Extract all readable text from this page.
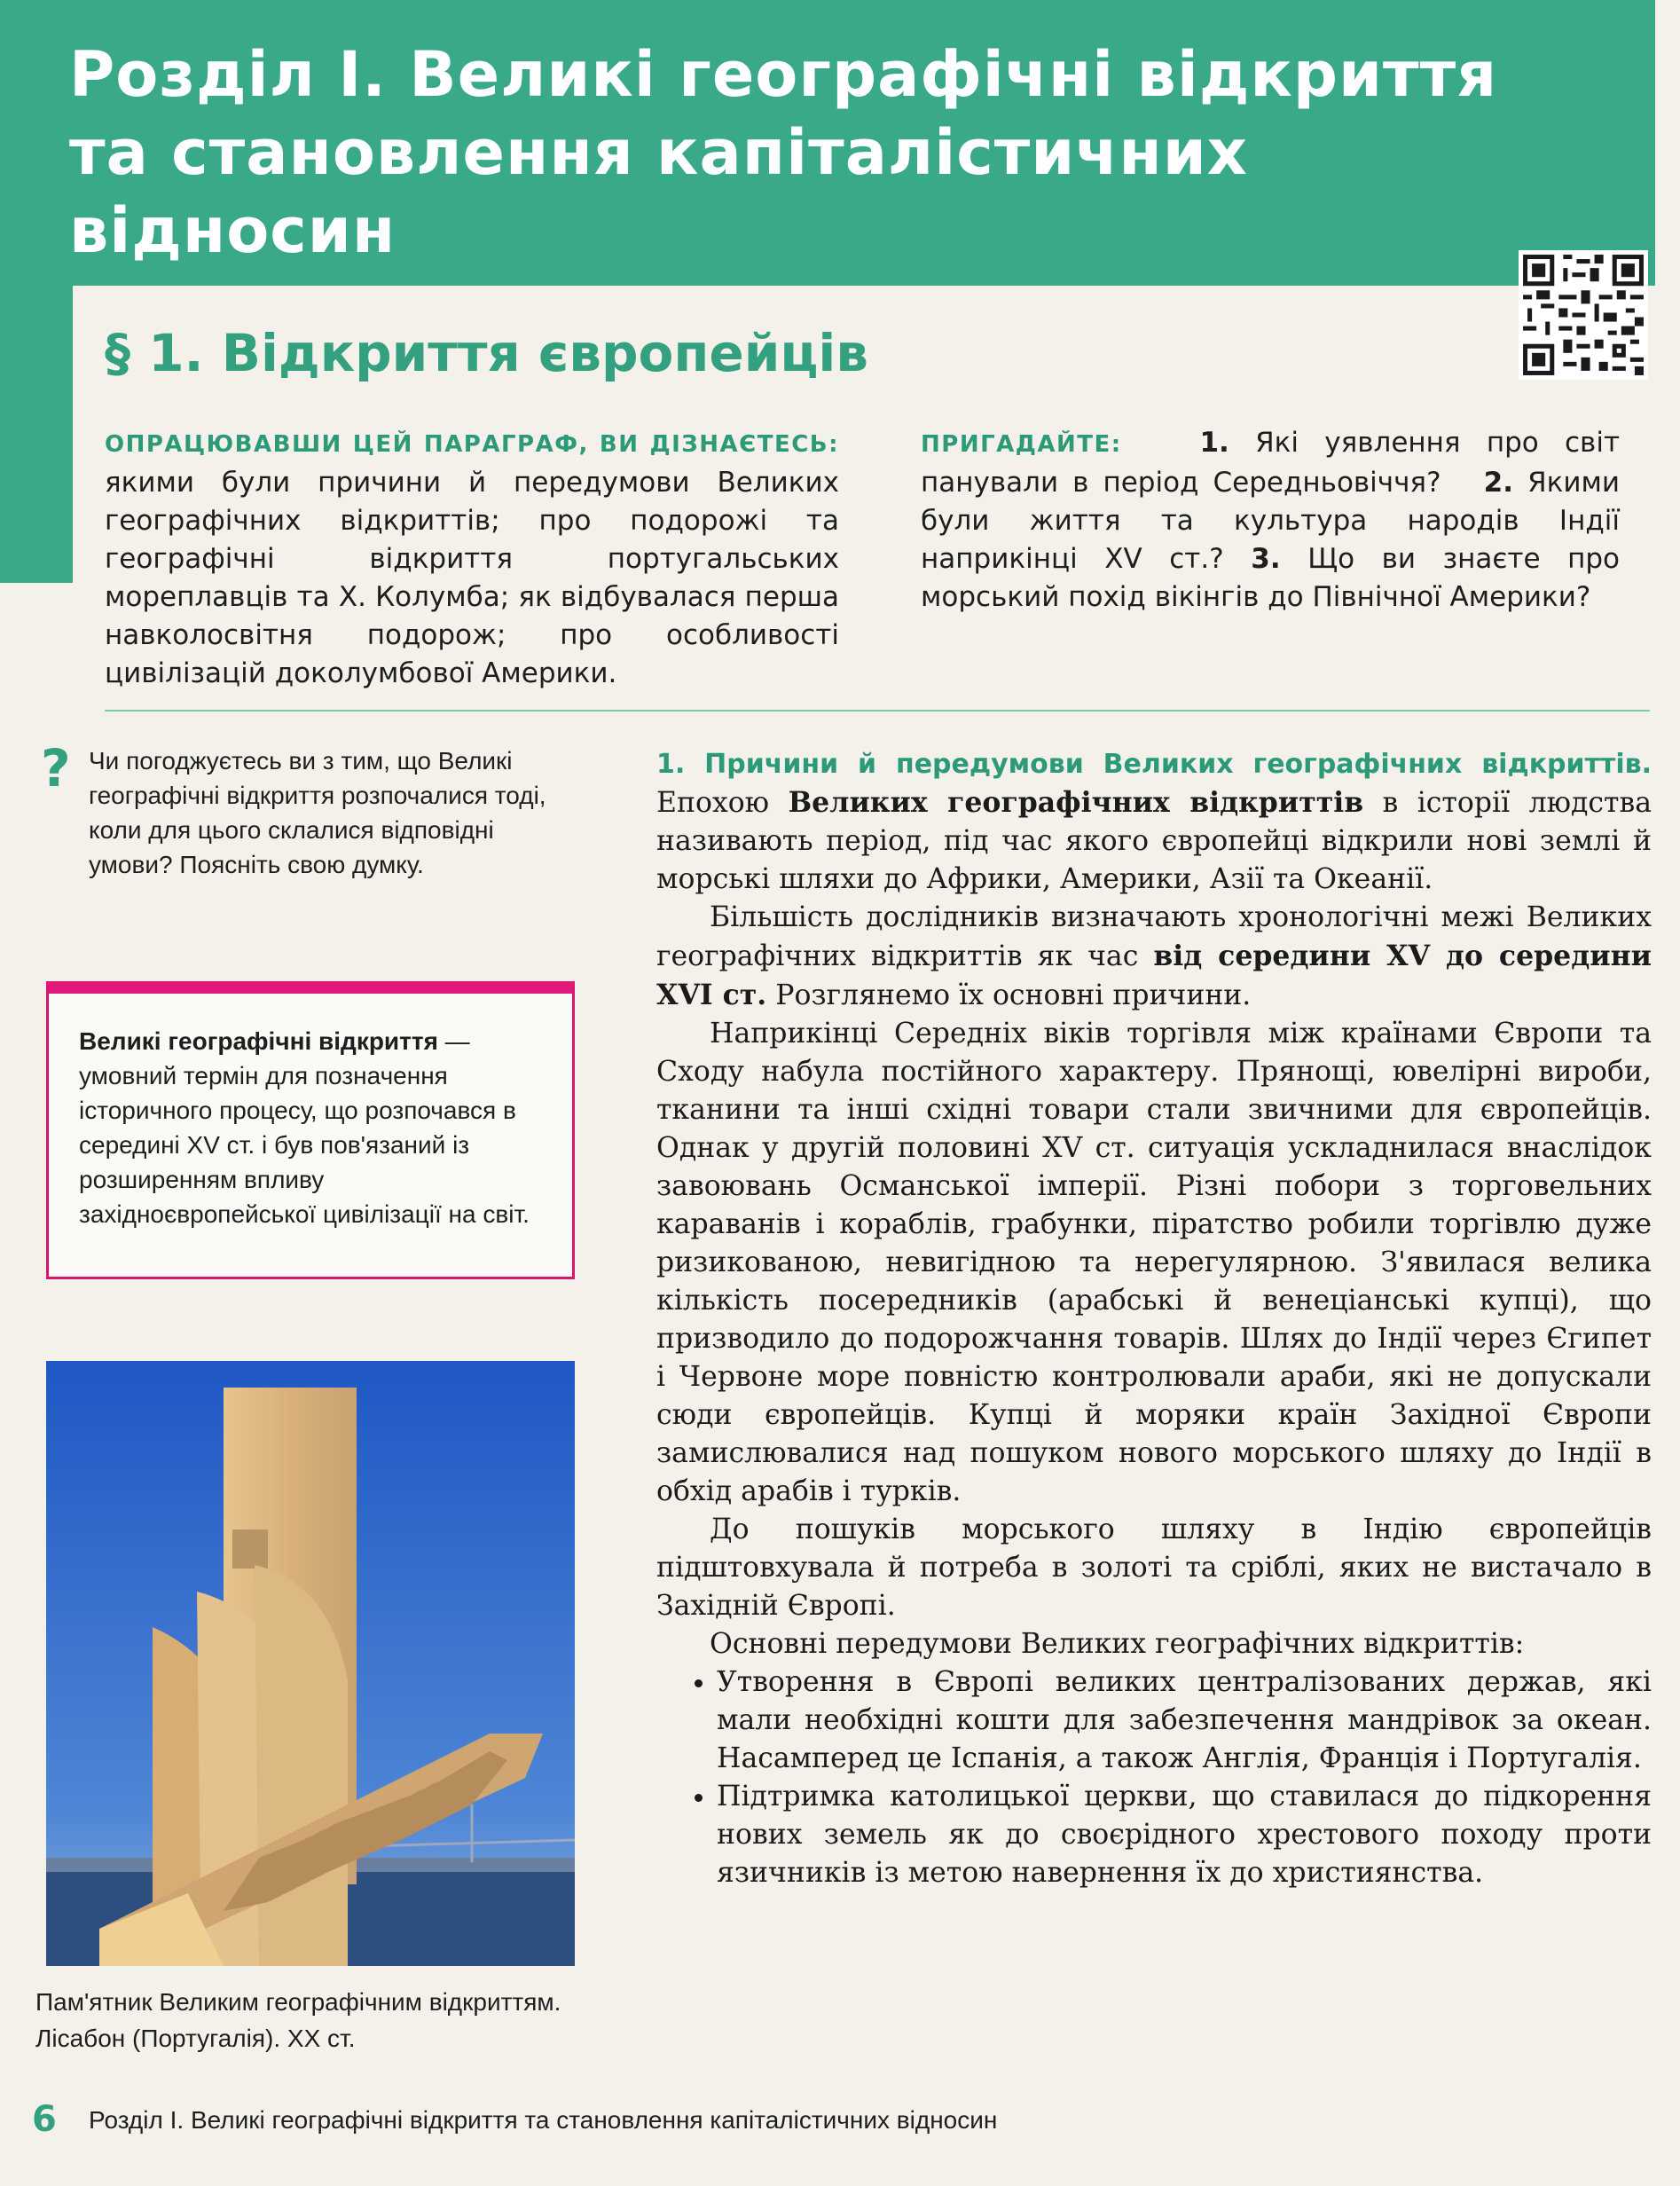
Розділ І. Великі географічні відкриття та становлення капіталістичних відносин
§ 1. Відкриття європейців
ОПРАЦЮВАВШИ ЦЕЙ ПАРАГРАФ, ВИ ДІЗНАЄТЕСЬ: якими були причини й передумови Великих географічних відкриттів; про подорожі та географічні відкриття португальських мореплавців та Х. Колумба; як відбувалася перша навколосвітня подорож; про особливості цивілізацій доколумбової Америки.
ПРИГАДАЙТЕ:	1. Які уявлення про світ панували в період Середньовіччя? 2. Якими були життя та культура народів Індії наприкінці XV ст.? 3. Що ви знаєте про морський похід вікінгів до Північної Америки?
? Чи погоджуєтесь ви з тим, що Великі географічні відкриття розпочалися тоді, коли для цього склалися відповідні умови? Поясніть свою думку.
Великі географічні відкриття — умовний термін для позначення історичного процесу, що розпочався в середині XV ст. і був пов'язаний із розширенням впливу західноєвропейської цивілізації на світ.
Пам'ятник Великим географічним відкриттям. Лісабон (Португалія). XX ст.

1. Причини й передумови Великих географічних відкриттів. Епохою Великих географічних відкриттів в історії людства називають період, під час якого європейці відкрили нові землі й морські шляхи до Африки, Америки, Азії та Океанії.

Більшість дослідників визначають хронологічні межі Великих географічних відкриттів як час від середини XV до середини XVI ст. Розглянемо їх основні причини.

Наприкінці Середніх віків торгівля між країнами Європи та Сходу набула постійного характеру. Прянощі, ювелірні вироби, тканини та інші східні товари стали звичними для європейців. Однак у другій половині XV ст. ситуація ускладнилася внаслідок завоювань Османської імперії. Різні побори з торговельних караванів і кораблів, грабунки, піратство робили торгівлю дуже ризикованою, невигідною та нерегулярною. З'явилася велика кількість посередників (арабські й венеціанські купці), що призводило до подорожчання товарів. Шлях до Індії через Єгипет і Червоне море повністю контролювали араби, які не допускали сюди європейців. Купці й моряки країн Західної Європи замислювалися над пошуком нового морського шляху до Індії в обхід арабів і турків.

До пошуків морського шляху в Індію європейців підштовхувала й потреба в золоті та сріблі, яких не вистачало в Західній Європі.

Основні передумови Великих географічних відкриттів:

• Утворення в Європі великих централізованих держав, які мали необхідні кошти для забезпечення мандрівок за океан. Насамперед це Іспанія, а також Англія, Франція і Португалія.
• Підтримка католицької церкви, що ставилася до підкорення нових земель як до своєрідного хрестового походу проти язичників із метою навернення їх до християнства.
6 Розділ І. Великі географічні відкриття та становлення капіталістичних відносин
